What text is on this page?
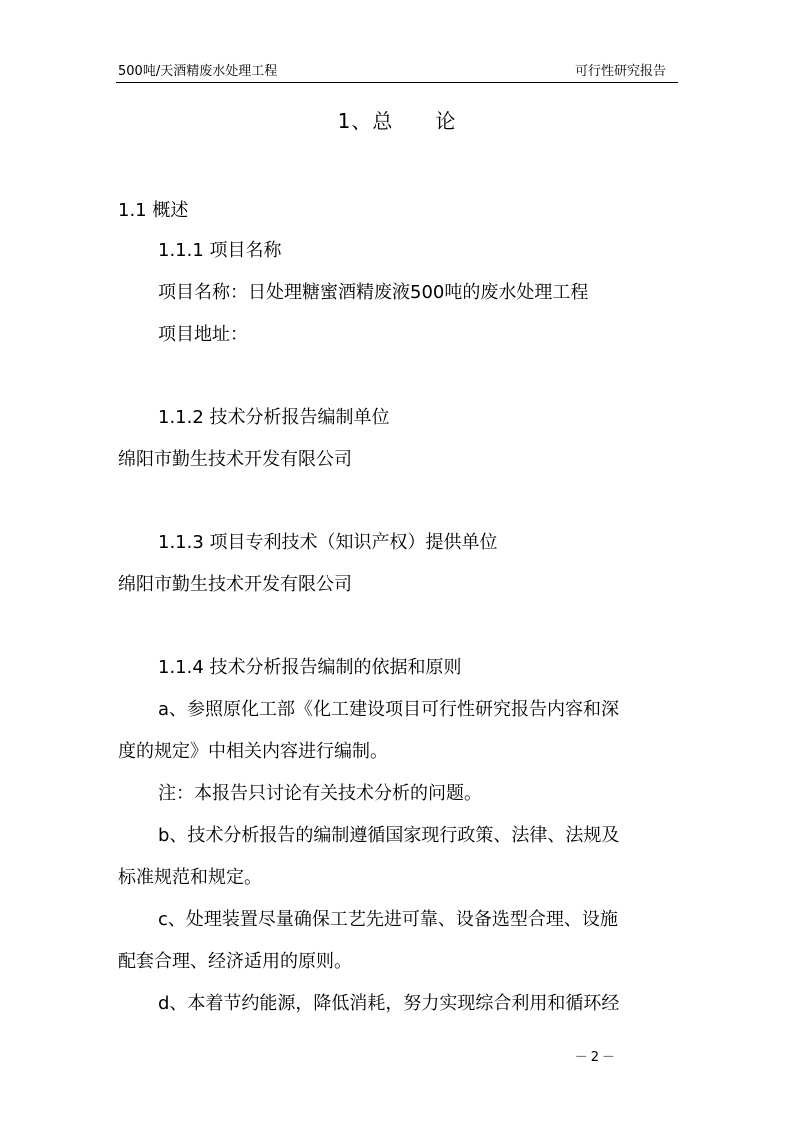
500吨/天酒精废水处理工程	可行性研究报告
1、总　　论
1.1 概述
1.1.1 项目名称
项目名称：日处理糖蜜酒精废液500吨的废水处理工程
项目地址：
1.1.2 技术分析报告编制单位
绵阳市勤生技术开发有限公司
1.1.3 项目专利技术（知识产权）提供单位
绵阳市勤生技术开发有限公司
1.1.4 技术分析报告编制的依据和原则
a、参照原化工部《化工建设项目可行性研究报告内容和深
度的规定》中相关内容进行编制。
注：本报告只讨论有关技术分析的问题。
b、技术分析报告的编制遵循国家现行政策、法律、法规及
标准规范和规定。
c、处理装置尽量确保工艺先进可靠、设备选型合理、设施
配套合理、经济适用的原则。
d、本着节约能源，降低消耗，努力实现综合利用和循环经
－2－
